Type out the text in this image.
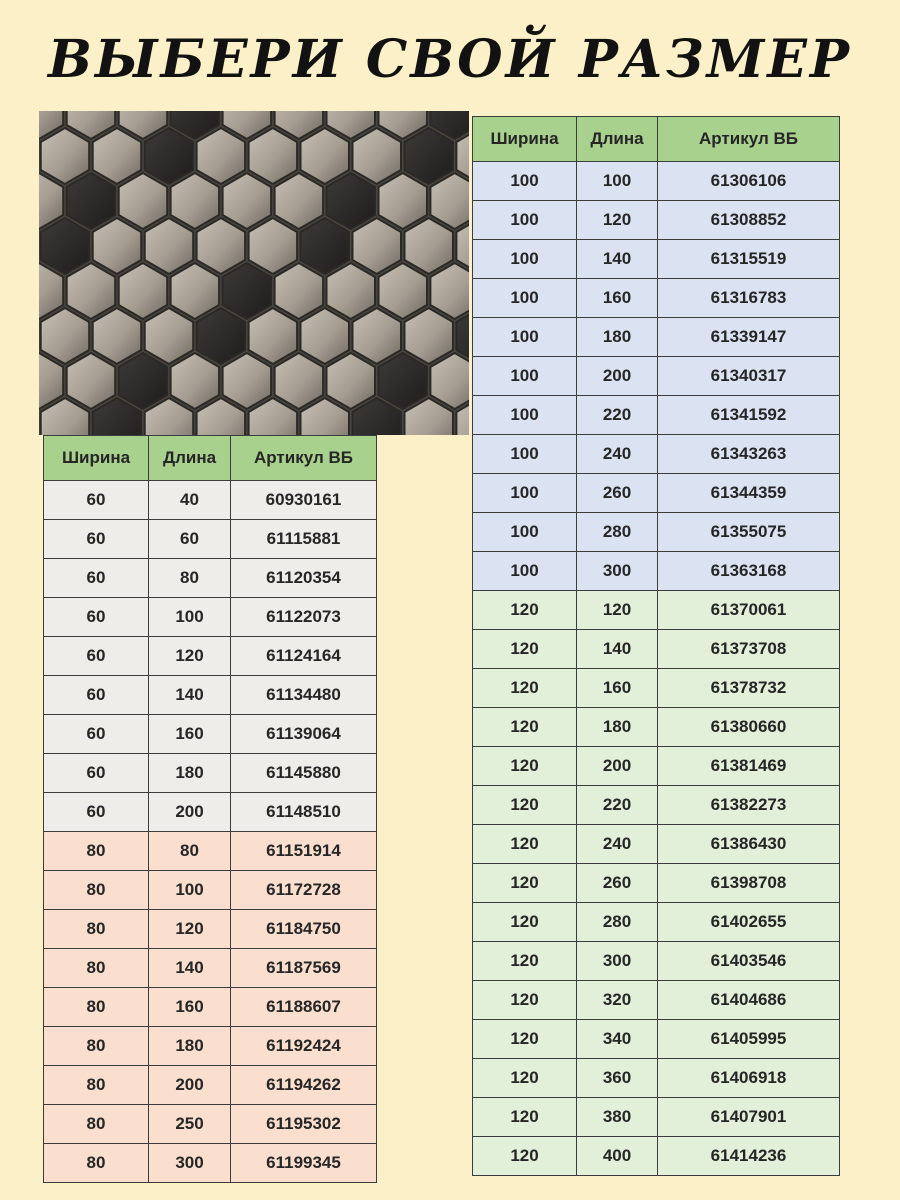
ВЫБЕРИ СВОЙ РАЗМЕР
Ширина	Длина	Артикул ВБ
60	40	60930161
60	60	61115881
60	80	61120354
60	100	61122073
60	120	61124164
60	140	61134480
60	160	61139064
60	180	61145880
60	200	61148510
80	80	61151914
80	100	61172728
80	120	61184750
80	140	61187569
80	160	61188607
80	180	61192424
80	200	61194262
80	250	61195302
80	300	61199345
Ширина	Длина	Артикул ВБ
100	100	61306106
100	120	61308852
100	140	61315519
100	160	61316783
100	180	61339147
100	200	61340317
100	220	61341592
100	240	61343263
100	260	61344359
100	280	61355075
100	300	61363168
120	120	61370061
120	140	61373708
120	160	61378732
120	180	61380660
120	200	61381469
120	220	61382273
120	240	61386430
120	260	61398708
120	280	61402655
120	300	61403546
120	320	61404686
120	340	61405995
120	360	61406918
120	380	61407901
120	400	61414236
